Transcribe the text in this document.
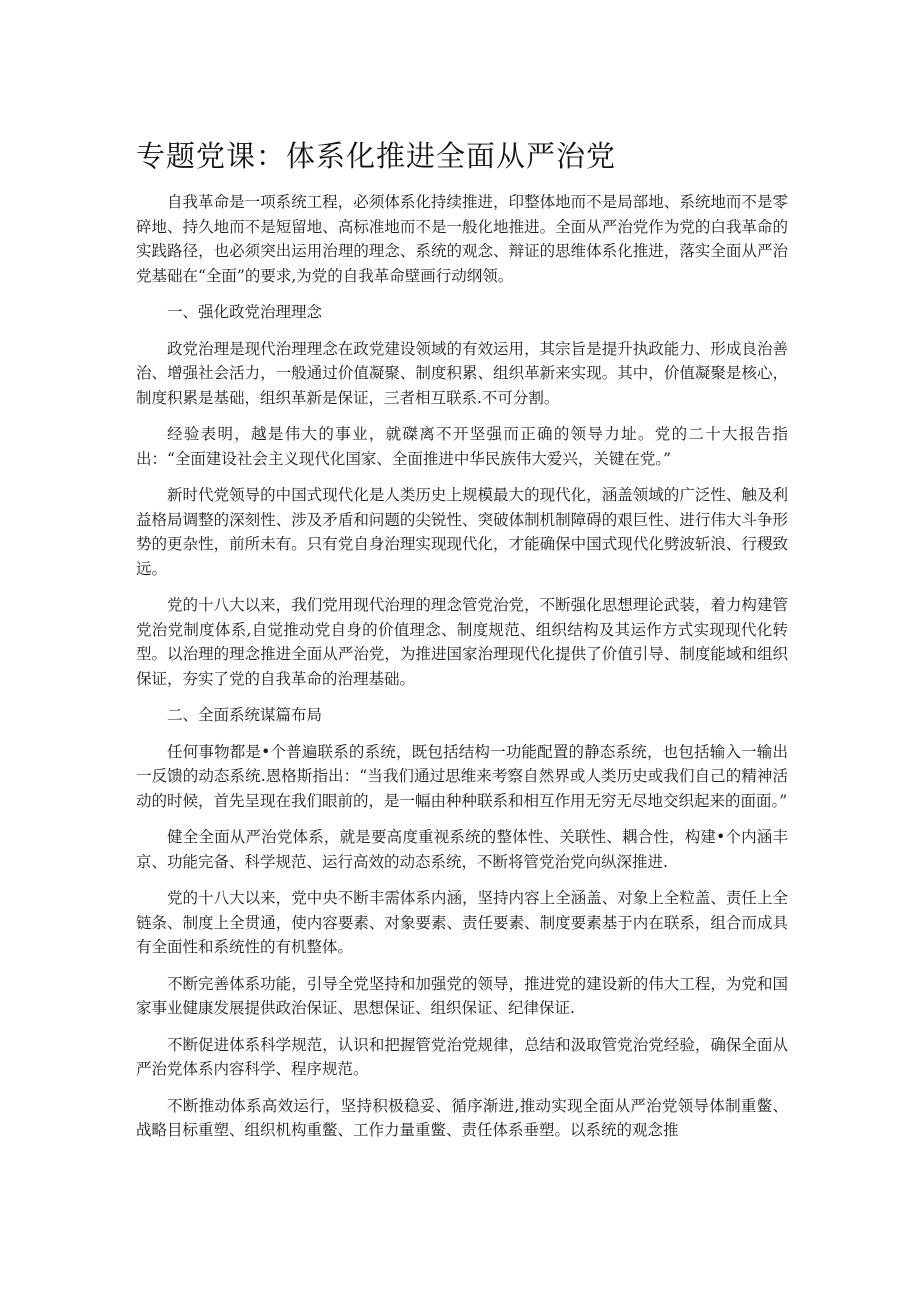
专题党课：体系化推进全面从严治党

自我革命是一项系统工程，必须体系化持续推进，印整体地而不是局部地、系统地而不是零碎地、持久地而不是短留地、高标准地而不是一般化地推进。全面从严治党作为党的白我革命的实践路径，也必须突出运用治理的理念、系统的观念、辩证的思维体系化推进，落实全面从严治党基础在“全面”的要求,为党的自我革命壁画行动纲领。

一、强化政党治理理念

政党治理是现代治理理念在政党建设领域的有效运用，其宗旨是提升执政能力、形成良治善治、增强社会活力，一般通过价值凝聚、制度积累、组织革新来实现。其中，价值凝聚是核心，制度积累是基础，组织革新是保证，三者相互联系.不可分割。

经验表明，越是伟大的事业，就磔离不开坚强而正确的领导力址。党的二十大报告指出：“全面建设社会主义现代化国家、全面推进中华民族伟大爱兴，关键在党。”

新时代党领导的中国式现代化是人类历史上规模最大的现代化，涵盖领域的广泛性、触及利益格局调整的深刻性、涉及矛盾和问题的尖锐性、突破体制机制障碍的艰巨性、进行伟大斗争形势的更杂性，前所未有。只有党自身治理实现现代化，才能确保中国式现代化劈波斩浪、行稷致远。

党的十八大以来，我们党用现代治理的理念管党治党，不断强化思想理论武装，着力构建管党治党制度体系,自觉推动党自身的价值理念、制度规范、组织结构及其运作方式实现现代化转型。以治理的理念推进全面从严治党，为推进国家治理现代化提供了价值引导、制度能域和组织保证，夯实了党的自我革命的治理基础。

二、全面系统谋篇布局

任何事物都是•个普遍联系的系统，既包括结构一功能配置的静态系统，也包括输入一输出一反馈的动态系统.恩格斯指出：“当我们通过思维来考察自然界或人类历史或我们自己的精神活动的时候，首先呈现在我们眼前的，是一幅由种种联系和相互作用无穷无尽地交织起来的面面。”

健全全面从严治党体系，就是要高度重视系统的整体性、关联性、耦合性，构建•个内涵丰京、功能完备、科学规范、运行高效的动态系统，不断将管党治党向纵深推进.

党的十八大以来，党中央不断丰需体系内涵，坚持内容上全涵盖、对象上全粒盖、责任上全链条、制度上全贯通，使内容要素、对象要素、责任要素、制度要素基于内在联系，组合而成具有全面性和系统性的有机整体。

不断完善体系功能，引导全党坚持和加强党的领导，推进党的建设新的伟大工程，为党和国家事业健康发展提供政治保证、思想保证、组织保证、纪律保证.

不断促进体系科学规范，认识和把握管党治党规律，总结和汲取管党治党经验，确保全面从严治党体系内容科学、程序规范。

不断推动体系高效运行，坚持积极稳妥、循序渐进,推动实现全面从严治党领导体制重鳖、战略目标重塑、组织机构重鳖、工作力量重鳖、责任体系垂塑。以系统的观念推
